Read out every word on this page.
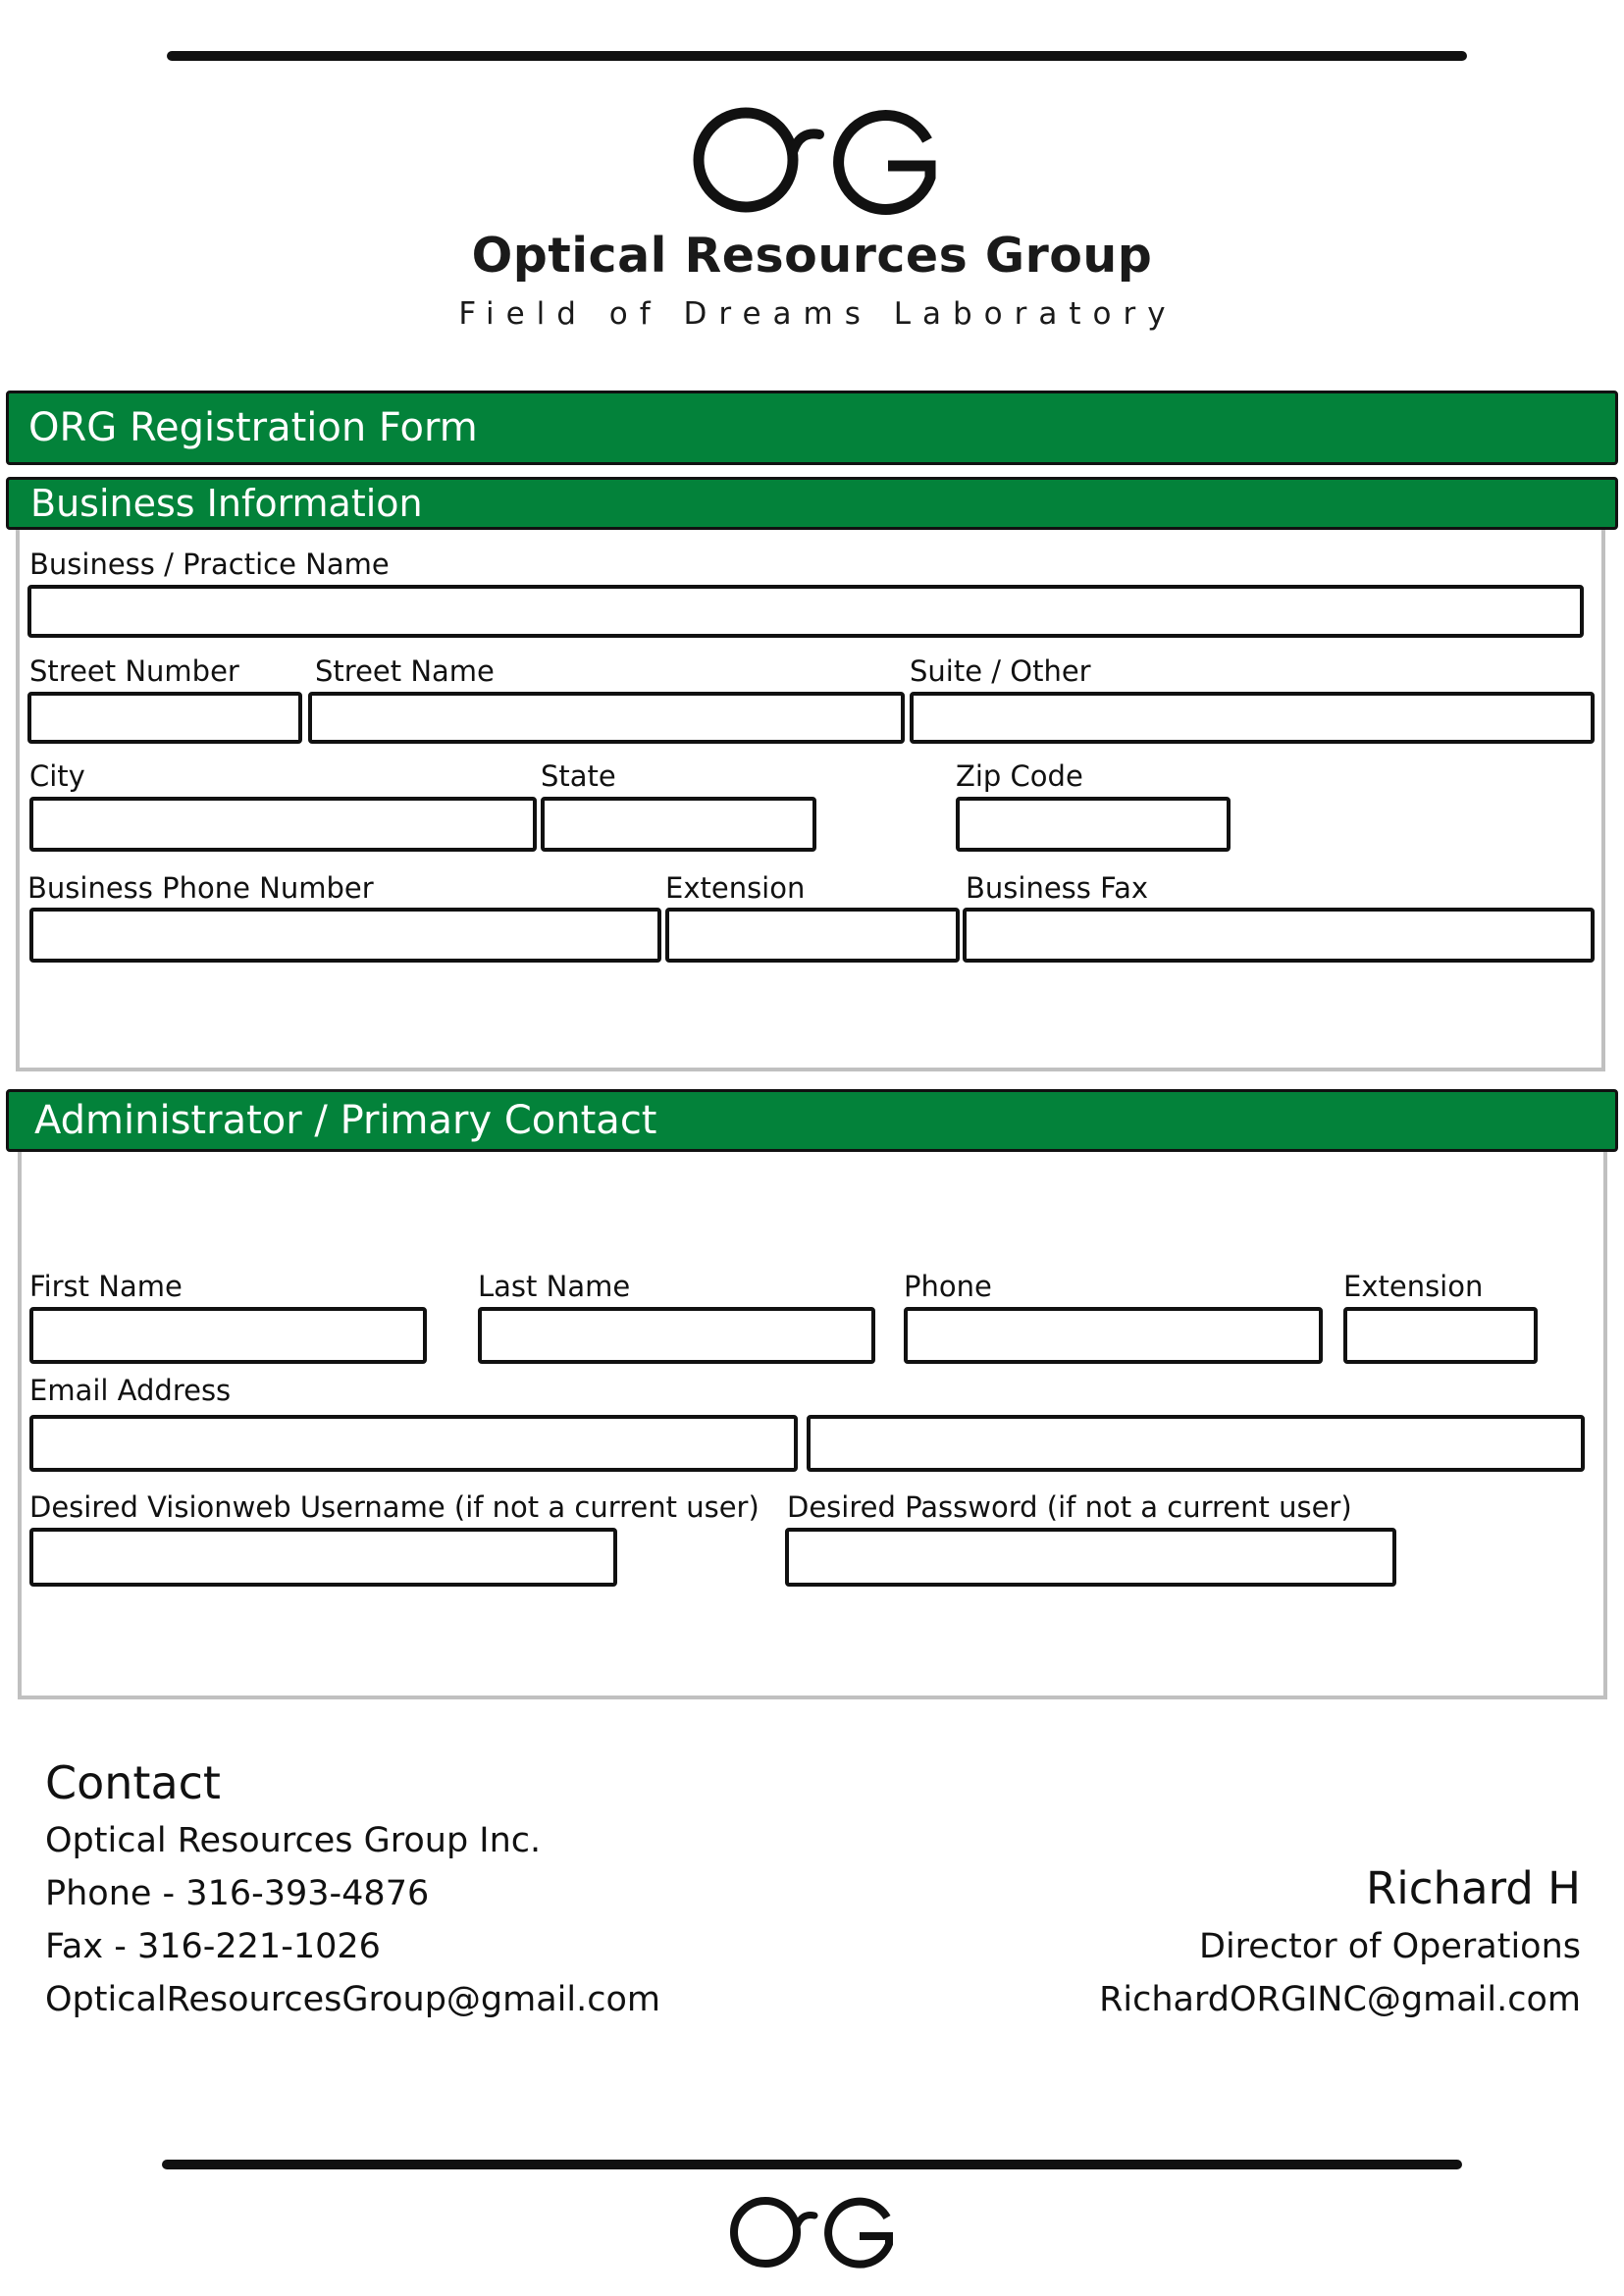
Optical Resources Group
Field of Dreams Laboratory
ORG Registration Form
Business Information
Business / Practice Name
Street Number	Street Name	Suite / Other
City	State	Zip Code
Business Phone Number	Extension	Business Fax
Administrator / Primary Contact
First Name	Last Name	Phone	Extension
Email Address
Desired Visionweb Username (if not a current user) Desired Password (if not a current user)
Contact
Optical Resources Group Inc.
Phone - 316-393-4876
Fax - 316-221-1026
OpticalResourcesGroup@gmail.com
Richard H
Director of Operations
RichardORGINC@gmail.com
